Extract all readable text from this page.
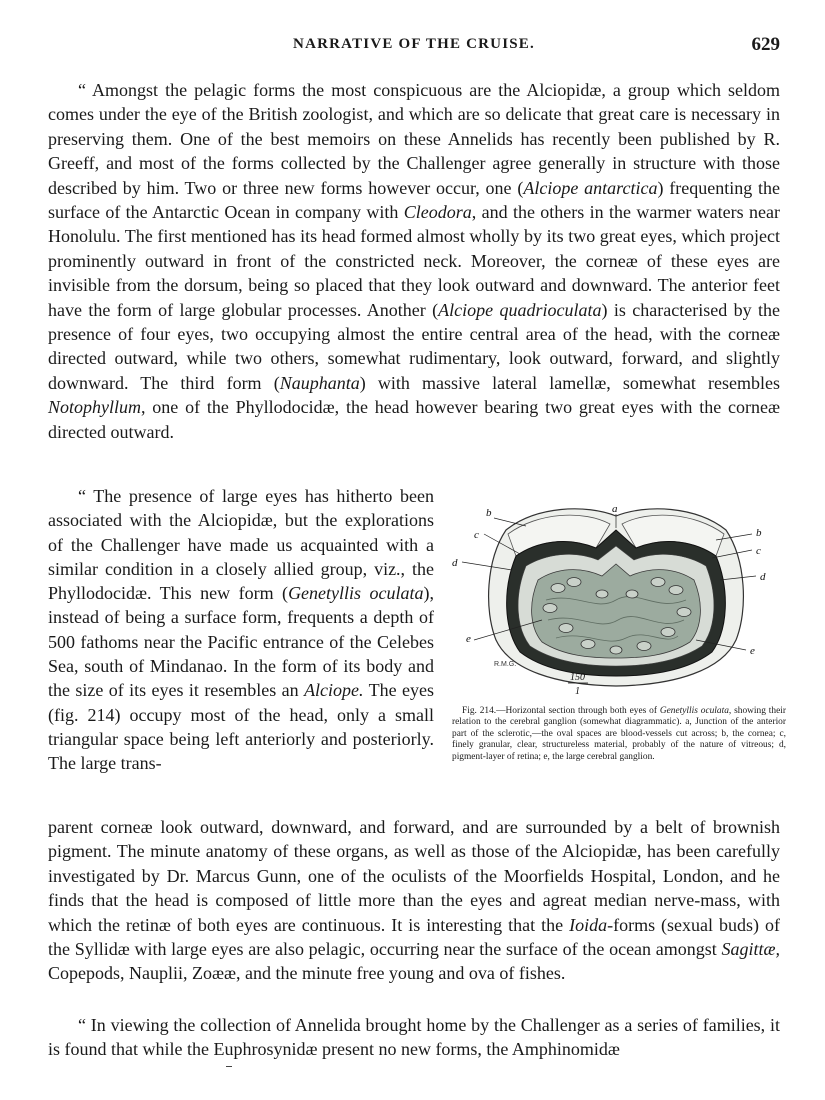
NARRATIVE OF THE CRUISE.	629

“ Amongst the pelagic forms the most conspicuous are the Alciopidæ, a group which seldom comes under the eye of the British zoologist, and which are so delicate that great care is necessary in preserving them. One of the best memoirs on these Annelids has recently been published by R. Greeff, and most of the forms collected by the Challenger agree generally in structure with those described by him. Two or three new forms however occur, one (Alciope antarctica) frequenting the surface of the Antarctic Ocean in company with Cleodora, and the others in the warmer waters near Honolulu. The first mentioned has its head formed almost wholly by its two great eyes, which project prominently outward in front of the constricted neck. Moreover, the corneæ of these eyes are invisible from the dorsum, being so placed that they look outward and downward. The anterior feet have the form of large globular processes. Another (Alciope quadrioculata) is characterised by the presence of four eyes, two occupying almost the entire central area of the head, with the corneæ directed outward, while two others, somewhat rudimentary, look outward, forward, and slightly downward. The third form (Nauphanta) with massive lateral lamellæ, somewhat resembles Notophyllum, one of the Phyllodocidæ, the head however bearing two great eyes with the corneæ directed outward.

“ The presence of large eyes has hitherto been associated with the Alciopidæ, but the explorations of the Challenger have made us acquainted with a similar condition in a closely allied group, viz., the Phyllodocidæ. This new form (Genetyllis oculata), instead of being a surface form, frequents a depth of 500 fathoms near the Pacific entrance of the Celebes Sea, south of Mindanao. In the form of its body and the size of its eyes it resembles an Alciope. The eyes (fig. 214) occupy most of the head, only a small triangular space being left anteriorly and posteriorly. The large trans-

b
c
d
e
a
b
c
d
e
R.M.G.
150
1

Fig. 214.—Horizontal section through both eyes of Genetyllis oculata, showing their relation to the cerebral ganglion (somewhat diagrammatic). a, Junction of the anterior part of the sclerotic,—the oval spaces are blood-vessels cut across; b, the cornea; c, finely granular, clear, structureless material, probably of the nature of vitreous; d, pigment-layer of retina; e, the large cerebral ganglion.

parent corneæ look outward, downward, and forward, and are surrounded by a belt of brownish pigment. The minute anatomy of these organs, as well as those of the Alciopidæ, has been carefully investigated by Dr. Marcus Gunn, one of the oculists of the Moorfields Hospital, London, and he finds that the head is composed of little more than the eyes and agreat median nerve-mass, with which the retinæ of both eyes are continuous. It is interesting that the Ioida-forms (sexual buds) of the Syllidæ with large eyes are also pelagic, occurring near the surface of the ocean amongst Sagittæ, Copepods, Nauplii, Zoææ, and the minute free young and ova of fishes.

“ In viewing the collection of Annelida brought home by the Challenger as a series of families, it is found that while the Euphrosynidæ present no new forms, the Amphinomidæ
